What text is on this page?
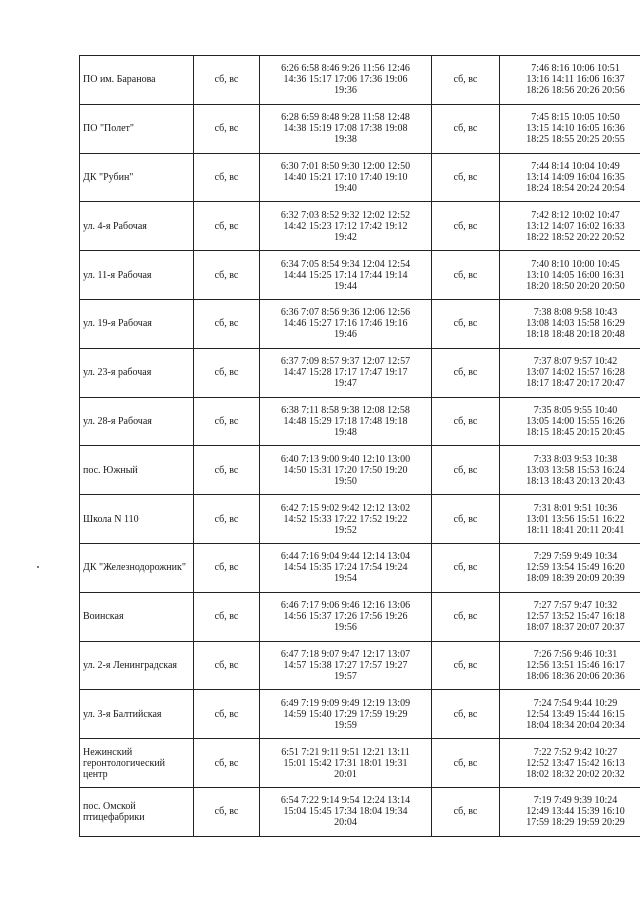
ПО им. Баранова	сб, вс	6:26 6:58 8:46 9:26 11:56 12:46
14:36 15:17 17:06 17:36 19:06
19:36	сб, вс	7:46 8:16 10:06 10:51
13:16 14:11 16:06 16:37
18:26 18:56 20:26 20:56

ПО "Полет"	сб, вс	6:28 6:59 8:48 9:28 11:58 12:48
14:38 15:19 17:08 17:38 19:08
19:38	сб, вс	7:45 8:15 10:05 10:50
13:15 14:10 16:05 16:36
18:25 18:55 20:25 20:55

ДК "Рубин"	сб, вс	6:30 7:01 8:50 9:30 12:00 12:50
14:40 15:21 17:10 17:40 19:10
19:40	сб, вс	7:44 8:14 10:04 10:49
13:14 14:09 16:04 16:35
18:24 18:54 20:24 20:54

ул. 4-я Рабочая	сб, вс	6:32 7:03 8:52 9:32 12:02 12:52
14:42 15:23 17:12 17:42 19:12
19:42	сб, вс	7:42 8:12 10:02 10:47
13:12 14:07 16:02 16:33
18:22 18:52 20:22 20:52

ул. 11-я Рабочая	сб, вс	6:34 7:05 8:54 9:34 12:04 12:54
14:44 15:25 17:14 17:44 19:14
19:44	сб, вс	7:40 8:10 10:00 10:45
13:10 14:05 16:00 16:31
18:20 18:50 20:20 20:50

ул. 19-я Рабочая	сб, вс	6:36 7:07 8:56 9:36 12:06 12:56
14:46 15:27 17:16 17:46 19:16
19:46	сб, вс	7:38 8:08 9:58 10:43
13:08 14:03 15:58 16:29
18:18 18:48 20:18 20:48

ул. 23-я рабочая	сб, вс	6:37 7:09 8:57 9:37 12:07 12:57
14:47 15:28 17:17 17:47 19:17
19:47	сб, вс	7:37 8:07 9:57 10:42
13:07 14:02 15:57 16:28
18:17 18:47 20:17 20:47

ул. 28-я Рабочая	сб, вс	6:38 7:11 8:58 9:38 12:08 12:58
14:48 15:29 17:18 17:48 19:18
19:48	сб, вс	7:35 8:05 9:55 10:40
13:05 14:00 15:55 16:26
18:15 18:45 20:15 20:45

пос. Южный	сб, вс	6:40 7:13 9:00 9:40 12:10 13:00
14:50 15:31 17:20 17:50 19:20
19:50	сб, вс	7:33 8:03 9:53 10:38
13:03 13:58 15:53 16:24
18:13 18:43 20:13 20:43

Школа N 110	сб, вс	6:42 7:15 9:02 9:42 12:12 13:02
14:52 15:33 17:22 17:52 19:22
19:52	сб, вс	7:31 8:01 9:51 10:36
13:01 13:56 15:51 16:22
18:11 18:41 20:11 20:41

ДК "Железнодорожник"	сб, вс	6:44 7:16 9:04 9:44 12:14 13:04
14:54 15:35 17:24 17:54 19:24
19:54	сб, вс	7:29 7:59 9:49 10:34
12:59 13:54 15:49 16:20
18:09 18:39 20:09 20:39

Воинская	сб, вс	6:46 7:17 9:06 9:46 12:16 13:06
14:56 15:37 17:26 17:56 19:26
19:56	сб, вс	7:27 7:57 9:47 10:32
12:57 13:52 15:47 16:18
18:07 18:37 20:07 20:37

ул. 2-я Ленинградская	сб, вс	6:47 7:18 9:07 9:47 12:17 13:07
14:57 15:38 17:27 17:57 19:27
19:57	сб, вс	7:26 7:56 9:46 10:31
12:56 13:51 15:46 16:17
18:06 18:36 20:06 20:36

ул. 3-я Балтийская	сб, вс	6:49 7:19 9:09 9:49 12:19 13:09
14:59 15:40 17:29 17:59 19:29
19:59	сб, вс	7:24 7:54 9:44 10:29
12:54 13:49 15:44 16:15
18:04 18:34 20:04 20:34

Нежинский геронтологический центр	сб, вс	6:51 7:21 9:11 9:51 12:21 13:11
15:01 15:42 17:31 18:01 19:31
20:01	сб, вс	7:22 7:52 9:42 10:27
12:52 13:47 15:42 16:13
18:02 18:32 20:02 20:32

пос. Омской птицефабрики	сб, вс	6:54 7:22 9:14 9:54 12:24 13:14
15:04 15:45 17:34 18:04 19:34
20:04	сб, вс	7:19 7:49 9:39 10:24
12:49 13:44 15:39 16:10
17:59 18:29 19:59 20:29
